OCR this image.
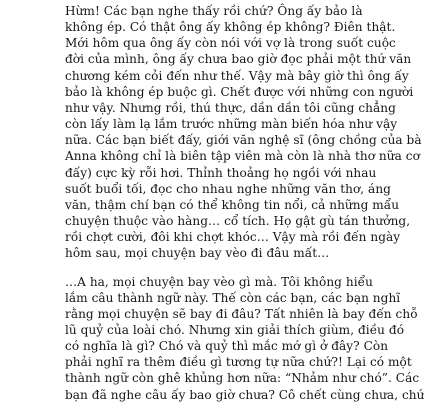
Hừm! Các bạn nghe thấy rồi chứ? Ông ấy bảo là
không ép. Có thật ông ấy không ép không? Điên thật.
Mới hôm qua ông ấy còn nói với vợ là trong suốt cuộc
đời của mình, ông ấy chưa bao giờ đọc phải một thứ văn
chương kém cỏi đến như thế. Vậy mà bây giờ thì ông ấy
bảo là không ép buộc gì. Chết được với những con người
như vậy. Nhưng rồi, thú thực, dần dần tôi cũng chẳng
còn lấy làm lạ lắm trước những màn biến hóa như vậy
nữa. Các bạn biết đấy, giới văn nghệ sĩ (ông chồng của bà
Anna không chỉ là biên tập viên mà còn là nhà thơ nữa cơ
đấy) cực kỳ rỗi hơi. Thỉnh thoảng họ ngồi với nhau
suốt buổi tối, đọc cho nhau nghe những văn thơ, áng
văn, thậm chí bạn có thể không tin nổi, cả những mẩu
chuyện thuộc vào hàng… cổ tích. Họ gật gù tán thưởng,
rồi chợt cười, đôi khi chợt khóc… Vậy mà rồi đến ngày
hôm sau, mọi chuyện bay vèo đi đâu mất…

…A ha, mọi chuyện bay vèo gì mà. Tôi không hiểu
lắm câu thành ngữ này. Thế còn các bạn, các bạn nghĩ
rằng mọi chuyện sẽ bay đi đâu? Tất nhiên là bay đến chỗ
lũ quỷ của loài chó. Nhưng xin giải thích giùm, điều đó
có nghĩa là gì? Chó và quỷ thì mắc mớ gì ở đây? Còn
phải nghĩ ra thêm điều gì tương tự nữa chứ?! Lại có một
thành ngữ còn ghê khủng hơn nữa: “Nhảm như chó”. Các
bạn đã nghe câu ấy bao giờ chưa? Cô chết cùng chưa, chứ
